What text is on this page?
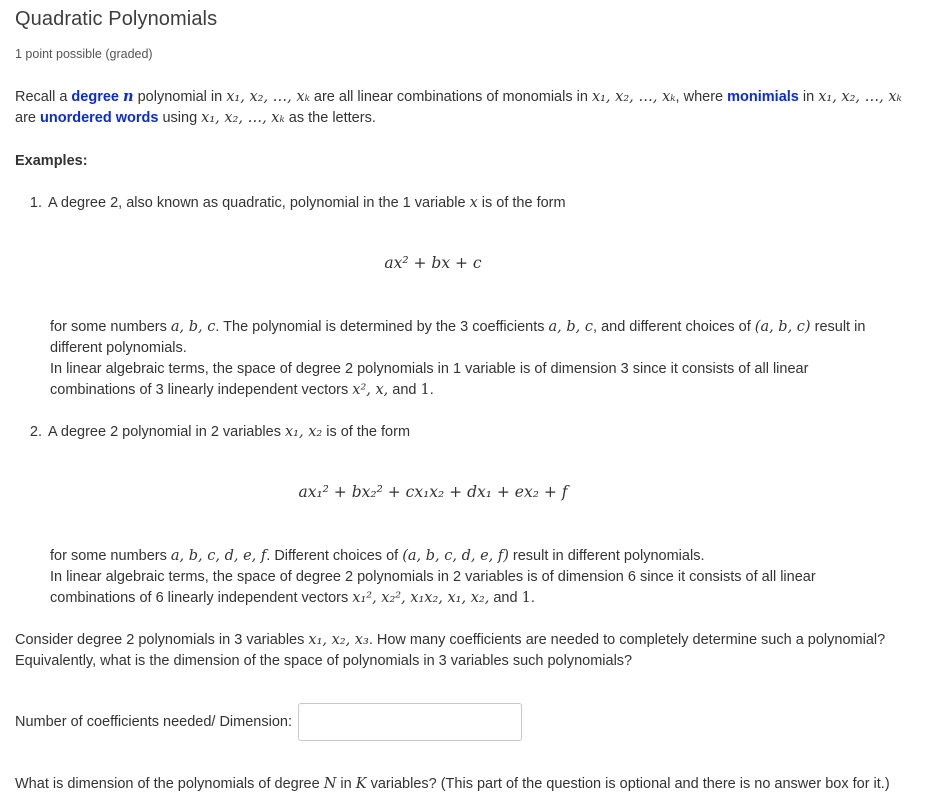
Quadratic Polynomials
1 point possible (graded)

Recall a degree n polynomial in x₁, x₂, …, xₖ are all linear combinations of monomials in x₁, x₂, …, xₖ, where monimials in x₁, x₂, …, xₖ are unordered words using x₁, x₂, …, xₖ as the letters.

Examples:

1. A degree 2, also known as quadratic, polynomial in the 1 variable x is of the form
ax² + bx + c
for some numbers a, b, c. The polynomial is determined by the 3 coefficients a, b, c, and different choices of (a, b, c) result in different polynomials.
In linear algebraic terms, the space of degree 2 polynomials in 1 variable is of dimension 3 since it consists of all linear combinations of 3 linearly independent vectors x², x, and 1.
2. A degree 2 polynomial in 2 variables x₁, x₂ is of the form
ax₁² + bx₂² + cx₁x₂ + dx₁ + ex₂ + f
for some numbers a, b, c, d, e, f. Different choices of (a, b, c, d, e, f) result in different polynomials.
In linear algebraic terms, the space of degree 2 polynomials in 2 variables is of dimension 6 since it consists of all linear combinations of 6 linearly independent vectors x₁², x₂², x₁x₂, x₁, x₂, and 1.

Consider degree 2 polynomials in 3 variables x₁, x₂, x₃. How many coefficients are needed to completely determine such a polynomial? Equivalently, what is the dimension of the space of polynomials in 3 variables such polynomials?

Number of coefficients needed/ Dimension:

What is dimension of the polynomials of degree N in K variables? (This part of the question is optional and there is no answer box for it.)
